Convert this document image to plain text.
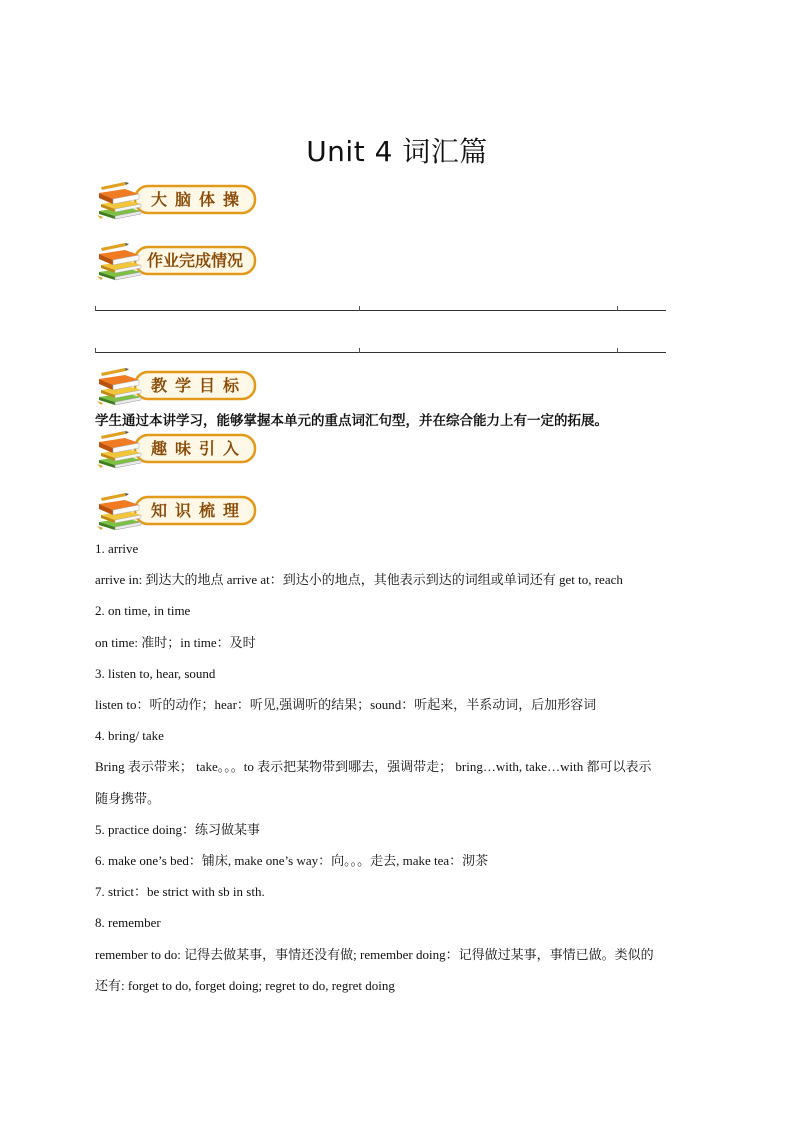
Unit 4 词汇篇
大脑体操
作业完成情况
教学目标
学生通过本讲学习，能够掌握本单元的重点词汇句型，并在综合能力上有一定的拓展。
趣味引入
知识梳理
1. arrive
arrive in: 到达大的地点 arrive at：到达小的地点，其他表示到达的词组或单词还有 get to, reach
2. on time, in time
on time: 准时；in time：及时
3. listen to, hear, sound
listen to：听的动作；hear：听见,强调听的结果；sound：听起来，半系动词，后加形容词
4. bring/ take
Bring 表示带来； take。。。to 表示把某物带到哪去，强调带走； bring…with, take…with 都可以表示
随身携带。
5. practice doing：练习做某事
6. make one’s bed：铺床, make one’s way：向。。。走去, make tea：沏茶
7. strict：be strict with sb in sth.
8. remember
remember to do: 记得去做某事，事情还没有做; remember doing：记得做过某事，事情已做。类似的
还有: forget to do, forget doing; regret to do, regret doing
